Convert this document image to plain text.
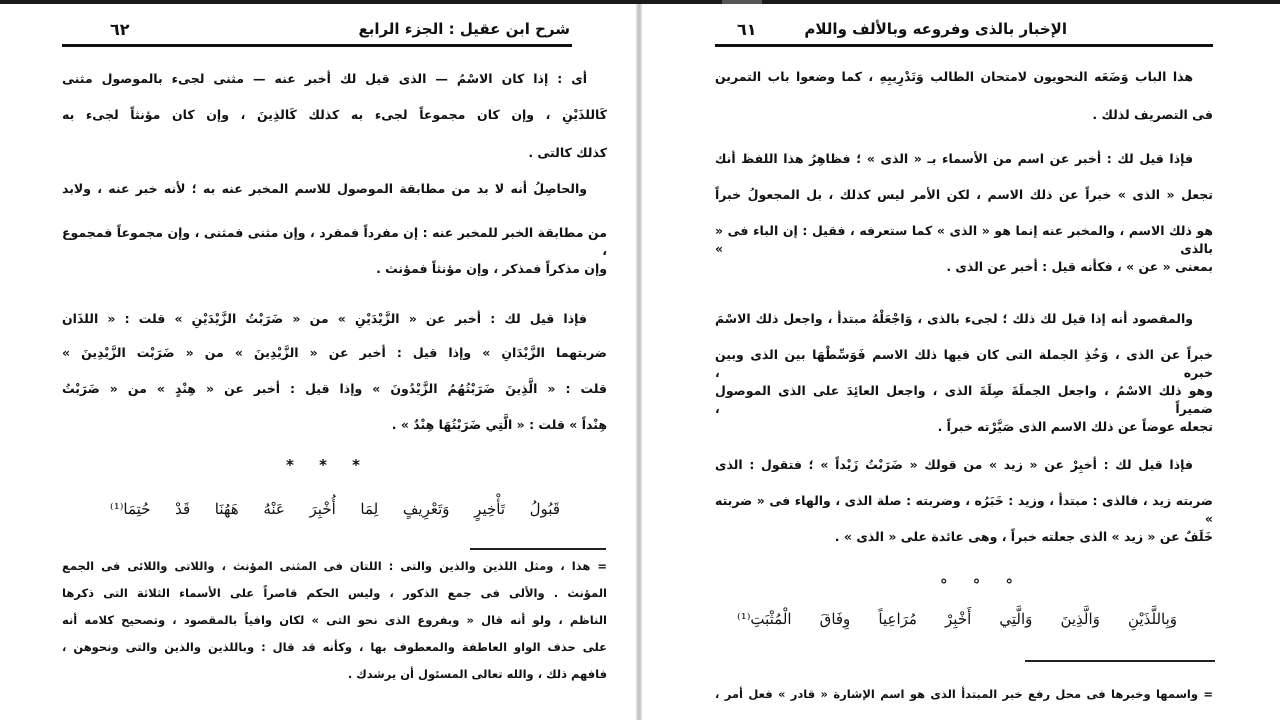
شرح ابن عقيل : الجزء الرابع
٦٢
أى : إذا كان الاسْمُ — الذى قيل لك أخبر عنه — مثنى لجىء بالموصول مثنى
كَاللذَيْنِ ، وإن كان مجموعاً لجىء به كذلك كَالذِينَ ، وإن كان مؤنثاً لجىء به
كذلك كالتى .
والحاصِلُ أنه لا بد من مطابقة الموصول للاسم المخبر عنه به ؛ لأنه خبر عنه ، ولابد
من مطابقة الخبر للمخبر عنه : إن مفرداً فمفرد ، وإن مثنى فمثنى ، وإن مجموعاً فمجموع ،
وإن مذكراً فمذكر ، وإن مؤنثاً فمؤنث .
فإذا قيل لك : أخبر عن « الزَّيْدَيْنِ » من « ضَرَبْتُ الزَّيْدَيْنِ » قلت : « اللذَان
ضربتهما الزَّيْدَانِ » وإذا قيل : أخبر عن « الزَّيْدِينَ » من « ضَرَبْت الزَّيْدِينَ »
قلت : « الَّذِينَ ضَرَبْتُهُمُ الزَّيْدُونَ » وإذا قيل : أخبر عن « هِنْدٍ » من « ضَرَبْتُ
هِنْداً » قلت : « الَّتِي ضَرَبْتُهَا هِنْدٌ » .
* * *
قَبُولُ تَأْخِيرٍ وَتَعْرِيفٍ لِمَا أُخْبِرَ عَنْهُ هَهُنَا قَدْ حُتِمَا⁽¹⁾
= هذا ، ومثل اللذين والذين والتى : اللتان فى المثنى المؤنث ، واللاتى واللائى فى الجمع
المؤنث . والألى فى جمع الذكور ، وليس الحكم قاصراً على الأسماء الثلاثة التى ذكرها
الناظم ، ولو أنه قال « وبفروع الذى نحو التى » لكان وافياً بالمقصود ، وتصحيح كلامه أنه
على حذف الواو العاطفة والمعطوف بها ، وكأنه قد قال : وباللذين والذين والتى ونحوهن ،
فافهم ذلك ، والله تعالى المسئول أن يرشدك .
الإخبار بالذى وفروعه وبالألف واللام
٦١
هذا الباب وَضَعَه النحويون لامتحان الطالب وَتَدْرِيبِهِ ، كما وضعوا باب التمرين
فى التصريف لذلك .
فإذا قيل لك : أخبر عن اسم من الأسماء بـ « الذى » ؛ فظاهِرُ هذا اللفظ أنك
تجعل « الذى » خبراً عن ذلك الاسم ، لكن الأمر ليس كذلك ، بل المجعولُ خبراً
هو ذلك الاسم ، والمخبر عنه إنما هو « الذى » كما ستعرفه ، فقيل : إن الباء فى « بالذى »
بمعنى « عن » ، فكأنه قيل : أخبر عن الذى .
والمقصود أنه إذا قيل لك ذلك ؛ لجىء بالذى ، وَاجْعَلْهُ مبتدأ ، واجعل ذلك الاسْمَ
خبراً عن الذى ، وَخُذِ الجملة التى كان فيها ذلك الاسم فَوَسِّطْهَا بين الذى وبين خبره ،
وهو ذلك الاسْمُ ، واجعل الجملَةَ صِلَةَ الذى ، واجعل العائِدَ على الذى الموصول ضميراً ،
تجعله عوضاً عن ذلك الاسم الذى صَيَّرْته خبراً .
فإذا قيل لك : أخبِرْ عن « زيد » من قولك « ضَرَبْتُ زَيْداً » ؛ فتقول : الذى
ضربته زيد ، فالذى : مبتدأ ، وزيد : خَبَرُه ، وضربته : صلة الذى ، والهاء فى « ضربته »
خَلَفٌ عن « زيد » الذى جعلته خبراً ، وهى عائدة على « الذى » .
° ° °
وَبِاللَّذَيْنِ وَالَّذِينَ وَالَّتِي أَخْبِرْ مُرَاعِياً وِفَاقَ الْمُثْبَتِ⁽¹⁾
= واسمها وخبرها فى محل رفع خبر المبتدأ الذى هو اسم الإشارة « قادر » فعل أمر ،
